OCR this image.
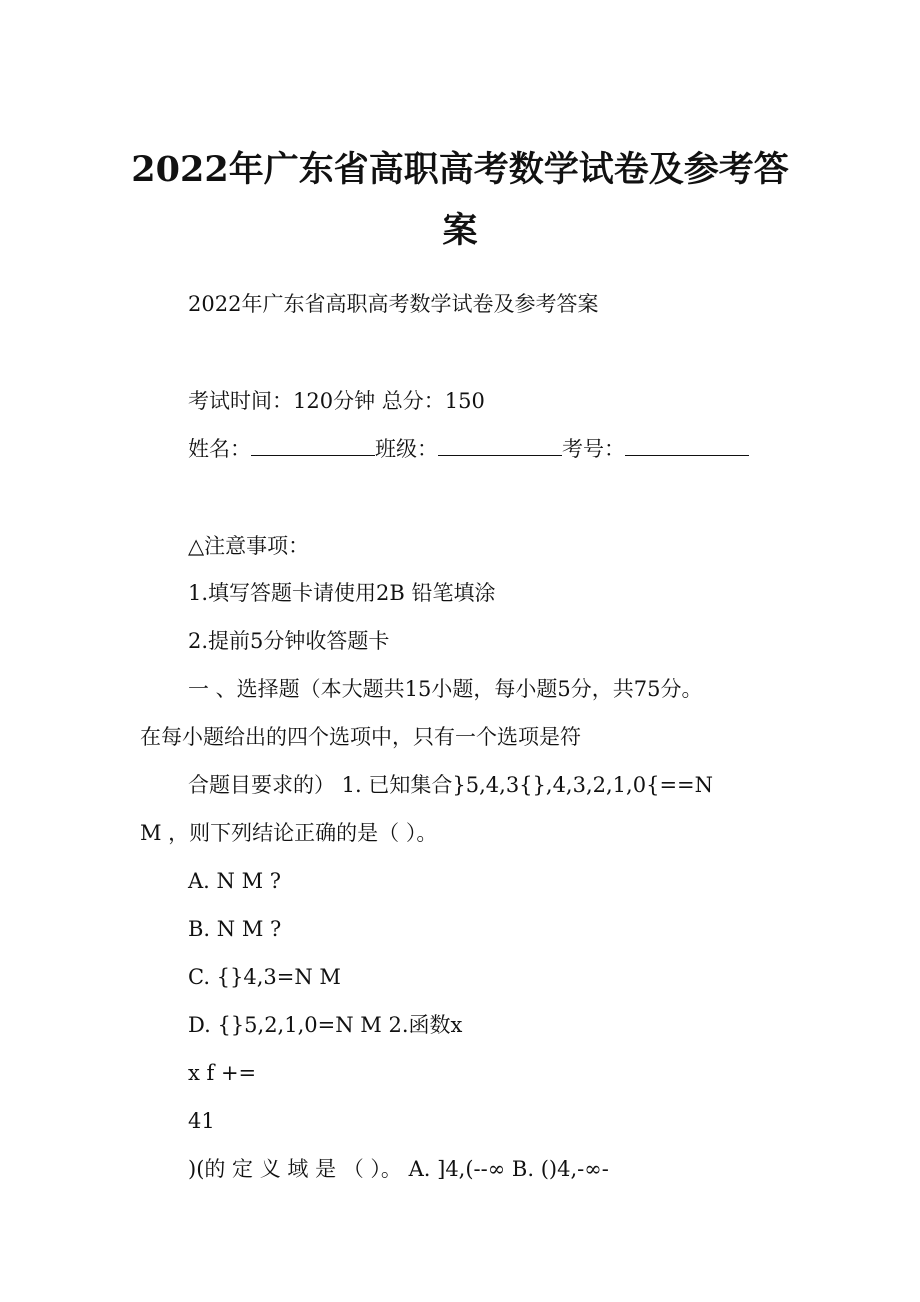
2022年广东省高职高考数学试卷及参考答
案
2022年广东省高职高考数学试卷及参考答案
考试时间：120分钟 总分：150
姓名：	班级：	考号：
△注意事项：
1.填写答题卡请使用2B 铅笔填涂
2.提前5分钟收答题卡
一 、选择题（本大题共15小题，每小题5分，共75分。
在每小题给出的四个选项中，只有一个选项是符
合题目要求的） 1. 已知集合}5,4,3{},4,3,2,1,0{==N
M ，则下列结论正确的是（ ）。
A. N M ?
B. N M ?
C. {}4,3=N M
D. {}5,2,1,0=N M 2.函数x
x f +=
41
)(的 定 义 域 是 （ ）。 A. ]4,(--∞ B. ()4,-∞-
